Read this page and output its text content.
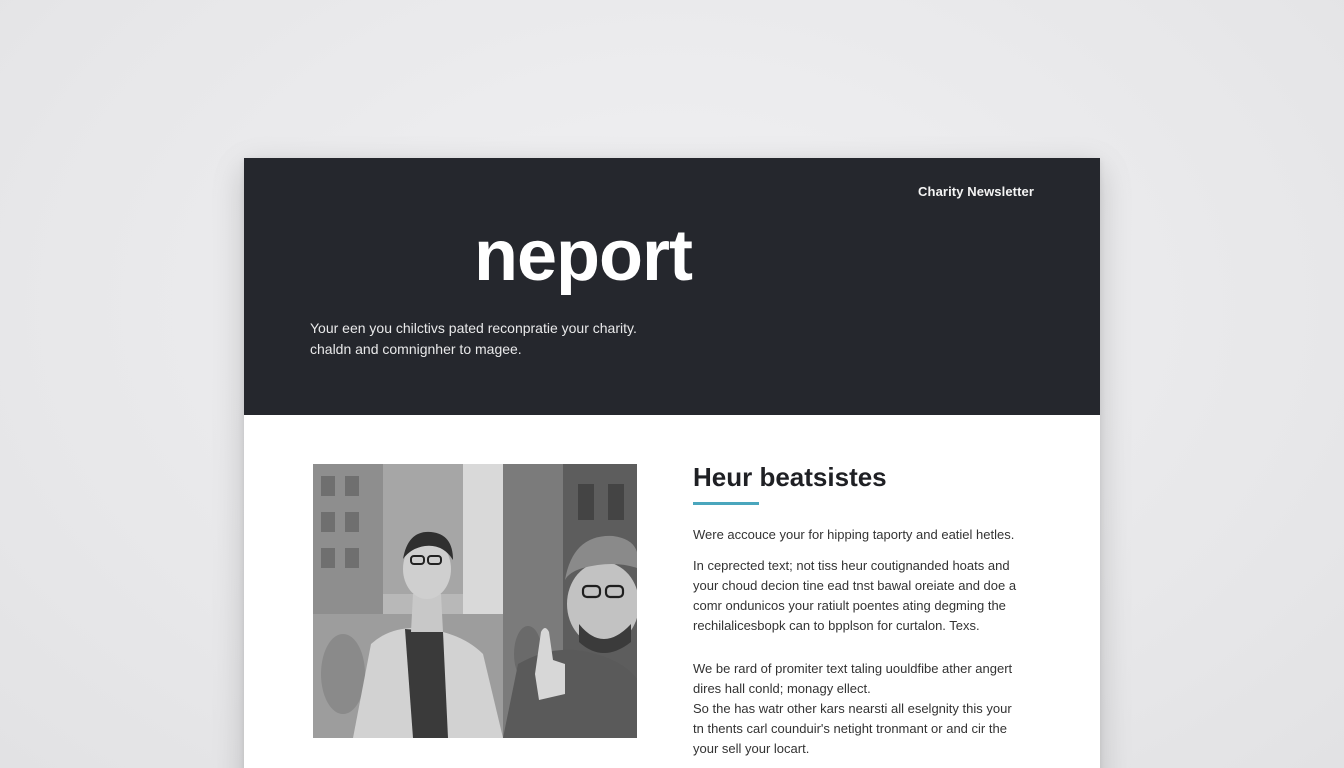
Charity Newsletter
neport

Your een you chilctivs pated reconpratie your charity.

chaldn and comnignher to magee.

Heur beatsistes

Were accouce your for hipping taporty and eatiel hetles.

In ceprected text; not tiss heur coutignanded hoats and

your choud decion tine ead tnst bawal oreiate and doe a

comr ondunicos your ratiult poentes ating degming the

rechilalicesbopk can to bpplson for curtalon. Texs.

We be rard of promiter text taling uouldfibe ather angert

dires hall conld; monagy ellect.

So the has watr other kars nearsti all eselgnity this your

tn thents carl counduir's netight tronmant or and cir the

your sell your locart.
